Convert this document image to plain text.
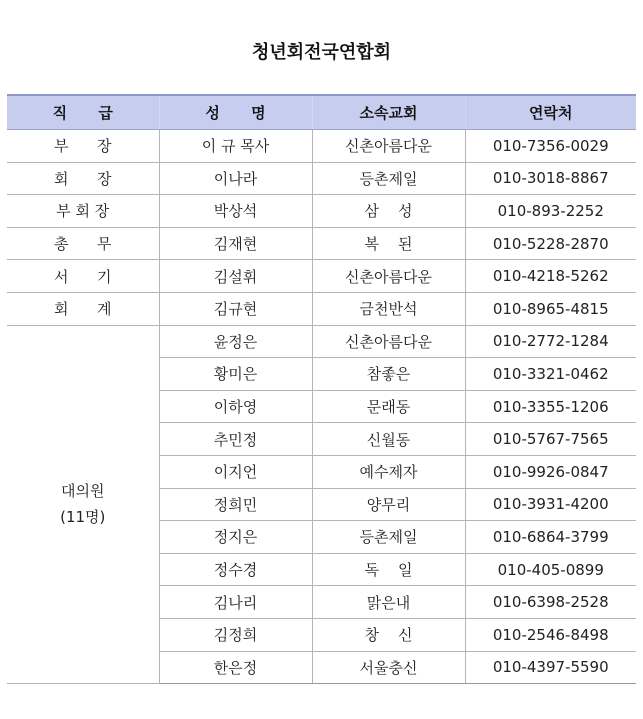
청년회전국연합회
직      급	성      명	소속교회	연락처
부      장	이 규 목사	신촌아름다운	010-7356-0029
회      장	이나라	등촌제일	010-3018-8867
부 회 장	박상석	삼    성	010-893-2252
총      무	김재현	복    된	010-5228-2870
서      기	김설휘	신촌아름다운	010-4218-5262
회      계	김규현	금천반석	010-8965-4815

대의원
(11명)	윤정은	신촌아름다운	010-2772-1284
	황미은	참좋은	010-3321-0462
	이하영	문래동	010-3355-1206
	추민정	신월동	010-5767-7565
	이지언	예수제자	010-9926-0847
	정희민	양무리	010-3931-4200
	정지은	등촌제일	010-6864-3799
	정수경	독    일	010-405-0899
	김나리	맑은내	010-6398-2528
	김정희	창    신	010-2546-8498
	한은정	서울충신	010-4397-5590
